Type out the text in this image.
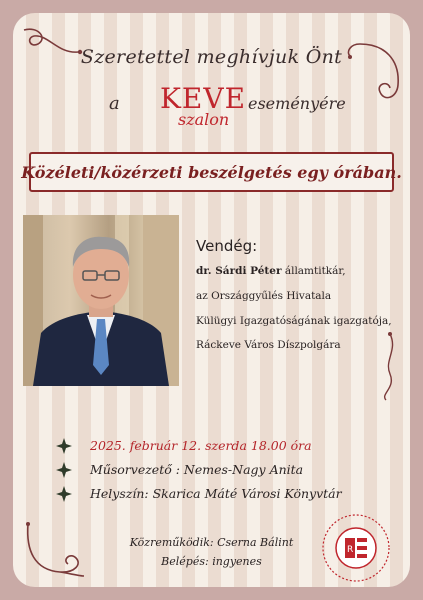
Szeretettel meghívjuk Önt
a KEVE
szalon
eseményére
Közéleti/közérzeti beszélgetés egy órában.
Vendég:
dr. Sárdi Péter államtitkár,
az Országgyűlés Hivatala
Külügyi Igazgatóságának igazgatója,
Ráckeve Város Díszpolgára
2025. február 12. szerda 18.00 óra
Műsorvezető : Nemes-Nagy Anita
Helyszín: Skarica Máté Városi Könyvtár
Közreműködik: Cserna Bálint
Belépés: ingyenes
R
